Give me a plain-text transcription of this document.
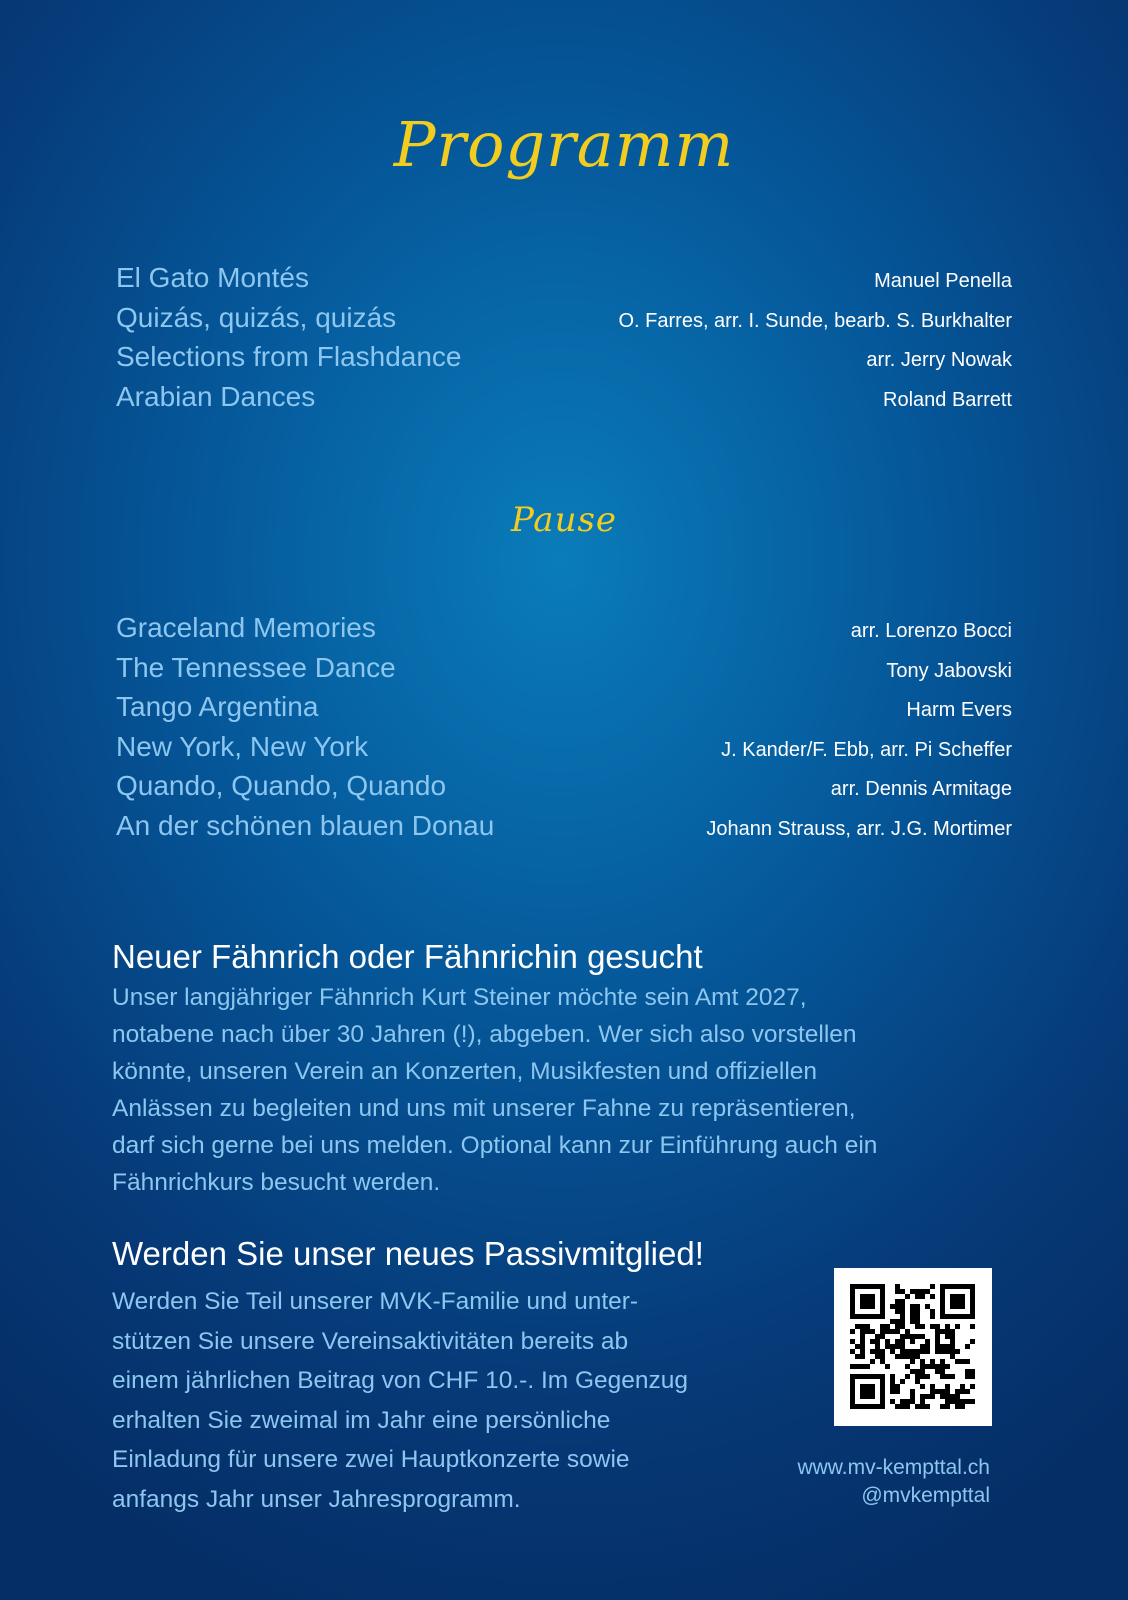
Programm
El Gato Montés	Manuel Penella
Quizás, quizás, quizás	O. Farres, arr. I. Sunde, bearb. S. Burkhalter
Selections from Flashdance	arr. Jerry Nowak
Arabian Dances	Roland Barrett
Pause
Graceland Memories	arr. Lorenzo Bocci
The Tennessee Dance	Tony Jabovski
Tango Argentina	Harm Evers
New York, New York	J. Kander/F. Ebb, arr. Pi Scheffer
Quando, Quando, Quando	arr. Dennis Armitage
An der schönen blauen Donau	Johann Strauss, arr. J.G. Mortimer
Neuer Fähnrich oder Fähnrichin gesucht

Unser langjähriger Fähnrich Kurt Steiner möchte sein Amt 2027,
notabene nach über 30 Jahren (!), abgeben. Wer sich also vorstellen
könnte, unseren Verein an Konzerten, Musikfesten und offiziellen
Anlässen zu begleiten und uns mit unserer Fahne zu repräsentieren,
darf sich gerne bei uns melden. Optional kann zur Einführung auch ein
Fähnrichkurs besucht werden.

Werden Sie unser neues Passivmitglied!

Werden Sie Teil unserer MVK-Familie und unter-
stützen Sie unsere Vereinsaktivitäten bereits ab
einem jährlichen Beitrag von CHF 10.-. Im Gegenzug
erhalten Sie zweimal im Jahr eine persönliche
Einladung für unsere zwei Hauptkonzerte sowie
anfangs Jahr unser Jahresprogramm.

www.mv-kempttal.ch
@mvkempttal
